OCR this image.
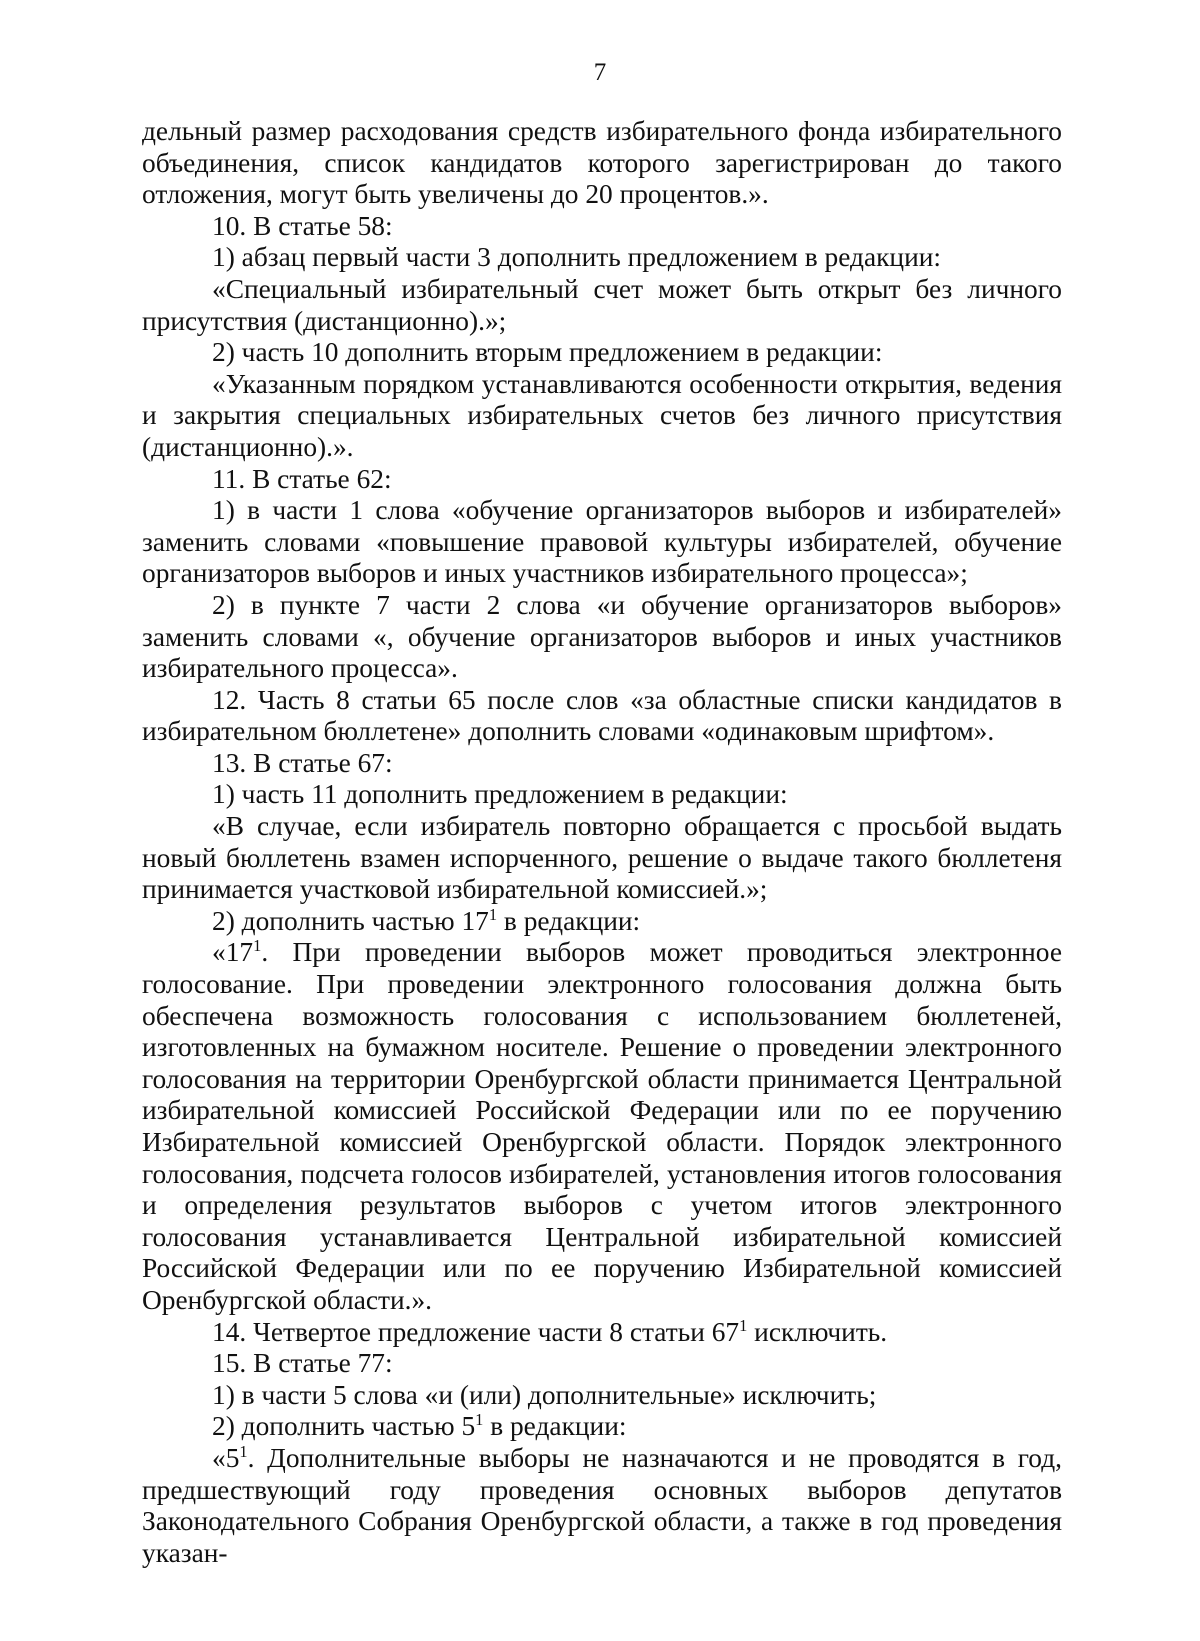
7

дельный размер расходования средств избирательного фонда избирательного объединения, список кандидатов которого зарегистрирован до такого отложения, могут быть увеличены до 20 процентов.».

10. В статье 58:

1) абзац первый части 3 дополнить предложением в редакции:

«Специальный избирательный счет может быть открыт без личного присутствия (дистанционно).»;

2) часть 10 дополнить вторым предложением в редакции:

«Указанным порядком устанавливаются особенности открытия, ведения и закрытия специальных избирательных счетов без личного присутствия (дистанционно).».

11. В статье 62:

1) в части 1 слова «обучение организаторов выборов и избирателей» заменить словами «повышение правовой культуры избирателей, обучение организаторов выборов и иных участников избирательного процесса»;

2) в пункте 7 части 2 слова «и обучение организаторов выборов» заменить словами «, обучение организаторов выборов и иных участников избирательного процесса».

12. Часть 8 статьи 65 после слов «за областные списки кандидатов в избирательном бюллетене» дополнить словами «одинаковым шрифтом».

13. В статье 67:

1) часть 11 дополнить предложением в редакции:

«В случае, если избиратель повторно обращается с просьбой выдать новый бюллетень взамен испорченного, решение о выдаче такого бюллетеня принимается участковой избирательной комиссией.»;

2) дополнить частью $17^1$ в редакции:

«$17^1$. При проведении выборов может проводиться электронное голосование. При проведении электронного голосования должна быть обеспечена возможность голосования с использованием бюллетеней, изготовленных на бумажном носителе. Решение о проведении электронного голосования на территории Оренбургской области принимается Центральной избирательной комиссией Российской Федерации или по ее поручению Избирательной комиссией Оренбургской области. Порядок электронного голосования, подсчета голосов избирателей, установления итогов голосования и определения результатов выборов с учетом итогов электронного голосования устанавливается Центральной избирательной комиссией Российской Федерации или по ее поручению Избирательной комиссией Оренбургской области.».

14. Четвертое предложение части 8 статьи $67^1$ исключить.

15. В статье 77:

1) в части 5 слова «и (или) дополнительные» исключить;

2) дополнить частью $5^1$ в редакции:

«$5^1$. Дополнительные выборы не назначаются и не проводятся в год, предшествующий году проведения основных выборов депутатов Законодательного Собрания Оренбургской области, а также в год проведения указан-
